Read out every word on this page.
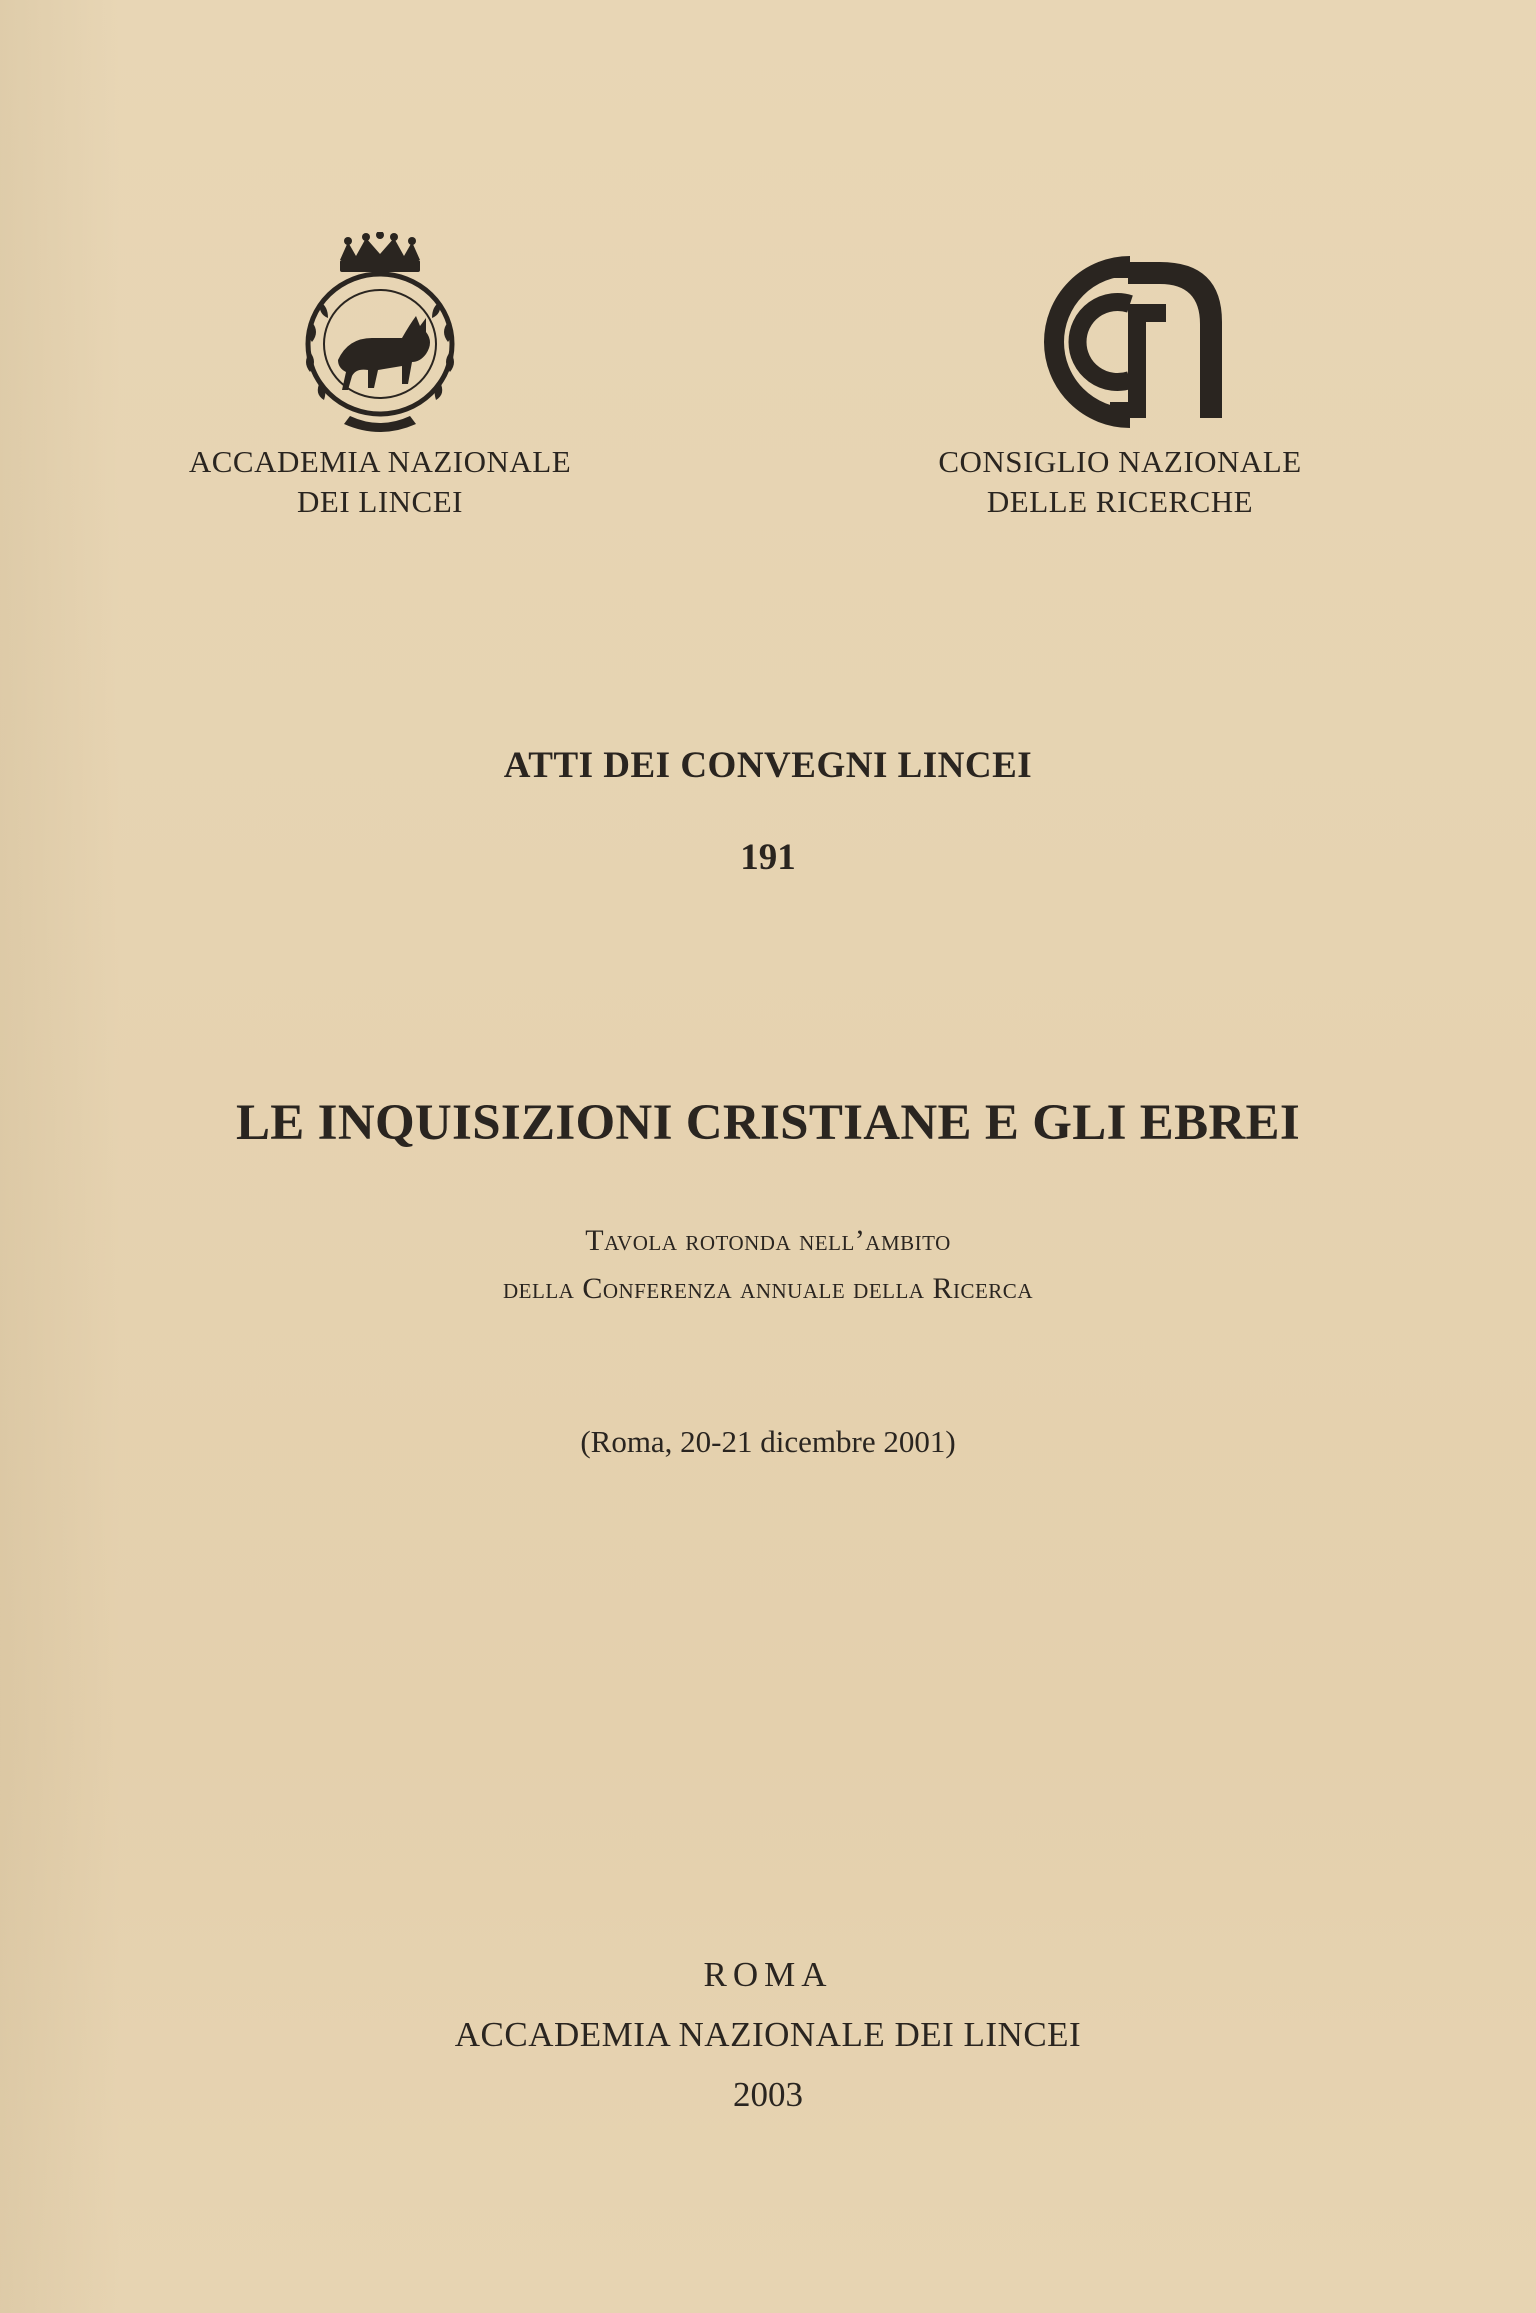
ACCADEMIA NAZIONALE
DEI LINCEI
CONSIGLIO NAZIONALE
DELLE RICERCHE
ATTI DEI CONVEGNI LINCEI
191
LE INQUISIZIONI CRISTIANE E GLI EBREI
Tavola rotonda nell’ambito
della Conferenza annuale della Ricerca
(Roma, 20-21 dicembre 2001)
ROMA
ACCADEMIA NAZIONALE DEI LINCEI
2003
